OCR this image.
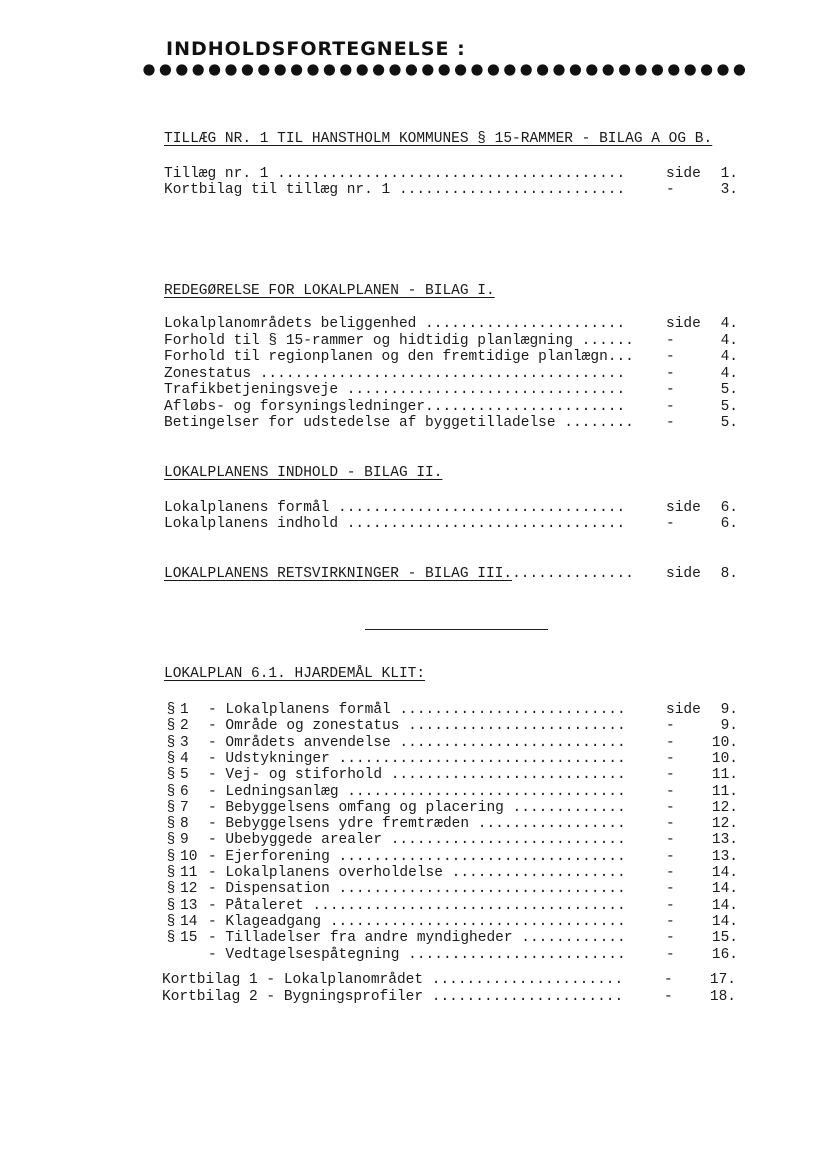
INDHOLDSFORTEGNELSE :
TILLÆG NR. 1 TIL HANSTHOLM KOMMUNES § 15-RAMMER - BILAG A OG B.
Tillæg nr. 1 ........................................	side	1.
Kortbilag til tillæg nr. 1 ..........................	-	3.
REDEGØRELSE FOR LOKALPLANEN - BILAG I.
Lokalplanområdets beliggenhed .......................	side	4.
Forhold til § 15-rammer og hidtidig planlægning ...... -	4.
Forhold til regionplanen og den fremtidige planlægn... -	4.
Zonestatus ..........................................	-	4.
Trafikbetjeningsveje ................................	-	5.
Afløbs- og forsyningsledninger.......................	-	5.
Betingelser for udstedelse af byggetilladelse ........ -	5.
LOKALPLANENS INDHOLD - BILAG II.
Lokalplanens formål .................................	side	6.
Lokalplanens indhold ................................	-	6.
LOKALPLANENS RETSVIRKNINGER - BILAG III............... side	8.
LOKALPLAN 6.1. HJARDEMÅL KLIT:
§ 1	- Lokalplanens formål ..........................	side	9.
§ 2	- Område og zonestatus .........................	-	9.
§ 3	- Områdets anvendelse ..........................	-	10.
§ 4	- Udstykninger .................................	-	10.
§ 5	- Vej- og stiforhold ...........................	-	11.
§ 6	- Ledningsanlæg ................................	-	11.
§ 7	- Bebyggelsens omfang og placering .............	-	12.
§ 8	- Bebyggelsens ydre fremtræden .................	-	12.
§ 9	- Ubebyggede arealer ...........................	-	13.
§ 10 - Ejerforening .................................	-	13.
§ 11 - Lokalplanens overholdelse ....................	-	14.
§ 12 - Dispensation .................................	-	14.
§ 13 - Påtaleret ....................................	-	14.
§ 14 - Klageadgang ..................................	-	14.
§ 15 - Tilladelser fra andre myndigheder ............	-	15.
- Vedtagelsespåtegning .........................	-	16.
Kortbilag 1 - Lokalplanområdet ......................	-	17.
Kortbilag 2 - Bygningsprofiler ......................	-	18.
